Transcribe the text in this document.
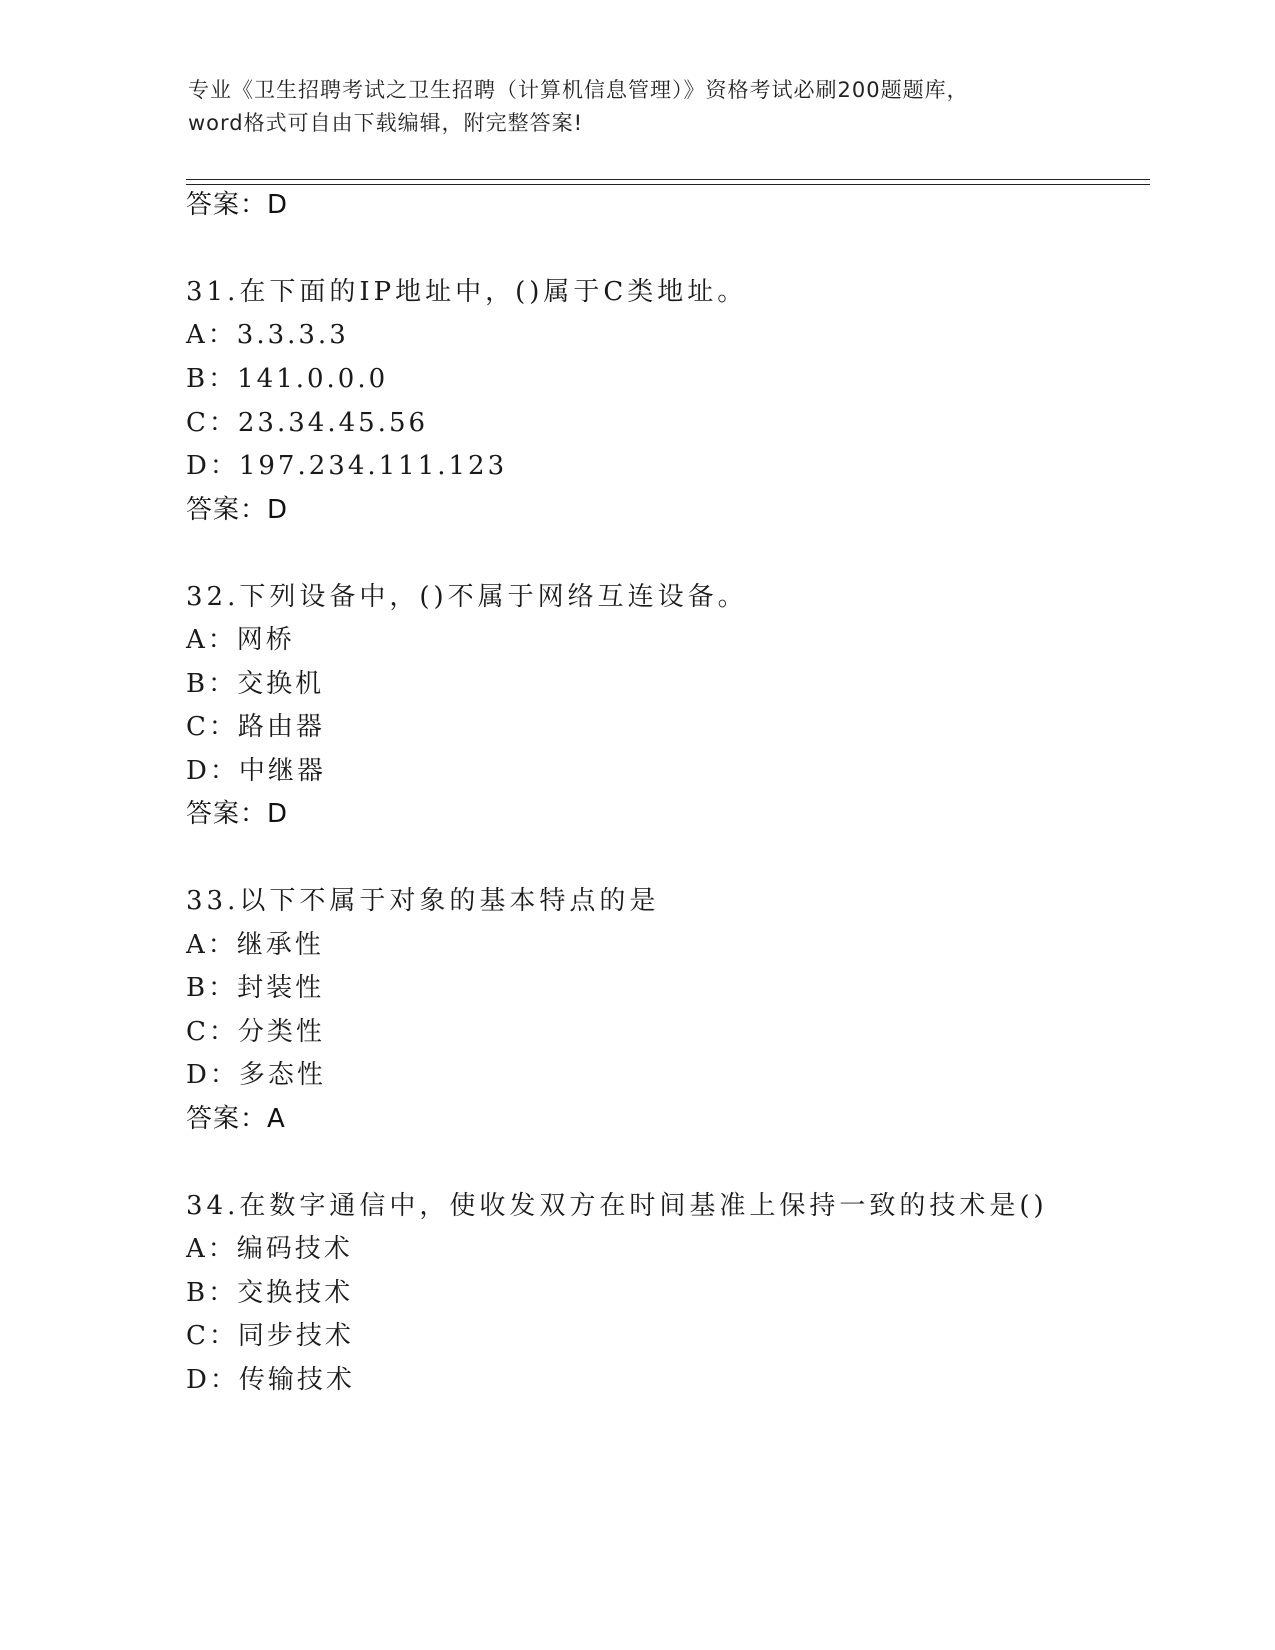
专业《卫生招聘考试之卫生招聘（计算机信息管理）》资格考试必刷200题题库，
word格式可自由下载编辑，附完整答案!
答案：D
31.在下面的IP地址中，()属于C类地址。
A：3.3.3.3
B：141.0.0.0
C：23.34.45.56
D：197.234.111.123
答案：D
32.下列设备中，()不属于网络互连设备。
A：网桥
B：交换机
C：路由器
D：中继器
答案：D
33.以下不属于对象的基本特点的是
A：继承性
B：封装性
C：分类性
D：多态性
答案：A
34.在数字通信中，使收发双方在时间基准上保持一致的技术是()
A：编码技术
B：交换技术
C：同步技术
D：传输技术
